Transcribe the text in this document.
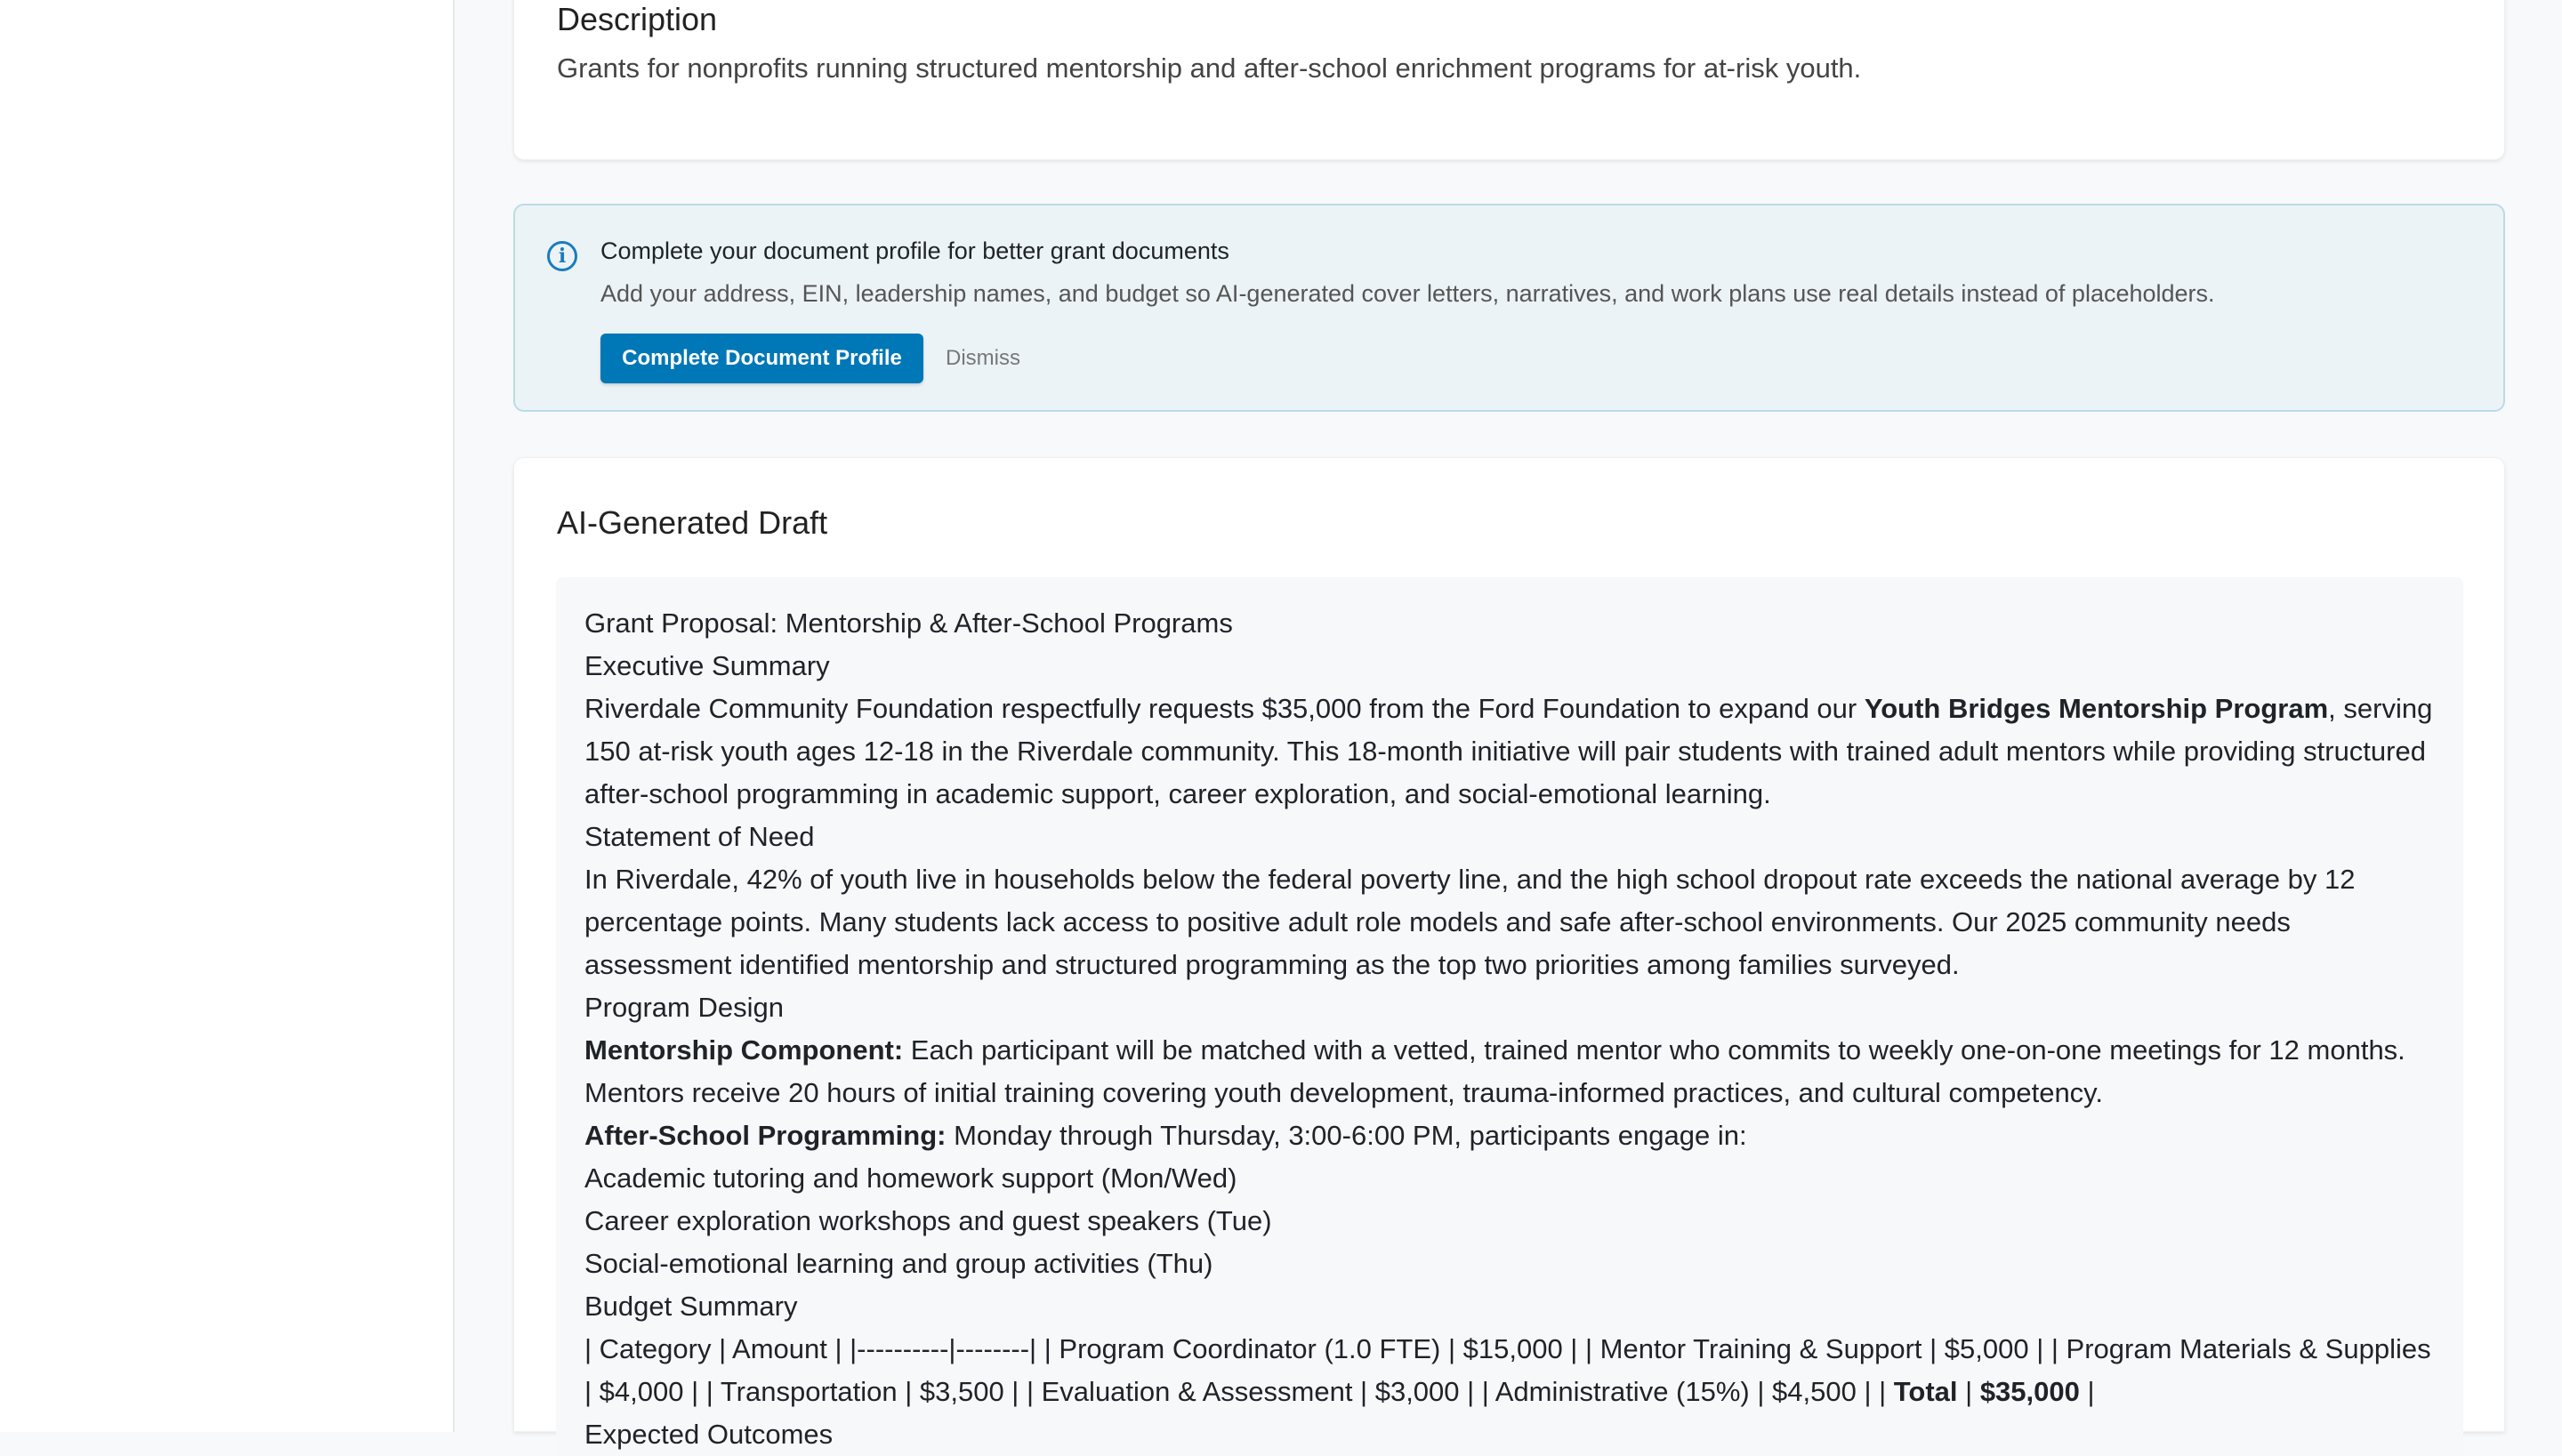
Description

Grants for nonprofits running structured mentorship and after-school enrichment programs for at-risk youth.

i	Complete your document profile for better grant documents
Add your address, EIN, leadership names, and budget so AI-generated cover letters, narratives, and work plans use real details instead of placeholders.
Complete Document Profile	Dismiss
AI-Generated Draft
Grant Proposal: Mentorship & After-School Programs
Executive Summary
Riverdale Community Foundation respectfully requests $35,000 from the Ford Foundation to expand our Youth Bridges Mentorship Program, serving 150 at-risk youth ages 12-18 in the Riverdale community. This 18-month initiative will pair students with trained adult mentors while providing structured after-school programming in academic support, career exploration, and social-emotional learning.
Statement of Need
In Riverdale, 42% of youth live in households below the federal poverty line, and the high school dropout rate exceeds the national average by 12 percentage points. Many students lack access to positive adult role models and safe after-school environments. Our 2025 community needs assessment identified mentorship and structured programming as the top two priorities among families surveyed.
Program Design
Mentorship Component: Each participant will be matched with a vetted, trained mentor who commits to weekly one-on-one meetings for 12 months. Mentors receive 20 hours of initial training covering youth development, trauma-informed practices, and cultural competency.
After-School Programming: Monday through Thursday, 3:00-6:00 PM, participants engage in:
Academic tutoring and homework support (Mon/Wed)
Career exploration workshops and guest speakers (Tue)
Social-emotional learning and group activities (Thu)
Budget Summary
| Category | Amount | |----------|--------| | Program Coordinator (1.0 FTE) | $15,000 | | Mentor Training & Support | $5,000 | | Program Materials & Supplies | $4,000 | | Transportation | $3,500 | | Evaluation & Assessment | $3,000 | | Administrative (15%) | $4,500 | | Total | $35,000 |
Expected Outcomes
